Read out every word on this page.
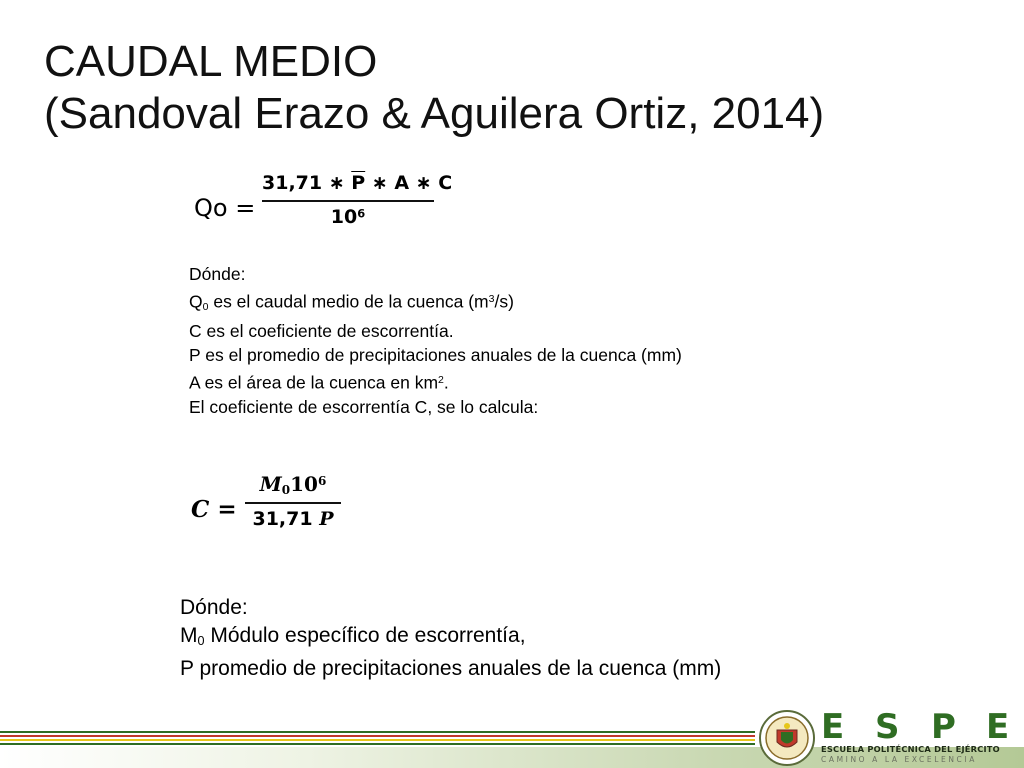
CAUDAL MEDIO
(Sandoval Erazo & Aguilera Ortiz, 2014)
Qo =
31,71 ∗ $\overline{P}$ ∗ A ∗ C
$10^6$
Dónde:
$Q_0$ es el caudal medio de la cuenca $(m^3/s)$
C es el coeficiente de escorrentía.
P es el promedio de precipitaciones anuales de la cuenca (mm)
A es el área de la cuenca en $km^2$.
El coeficiente de escorrentía C, se lo calcula:
C =
$M_010^6$
31,71 P
Dónde:
$M_0$ Módulo específico de escorrentía,
P promedio de precipitaciones anuales de la cuenca (mm)
E S P E
ESCUELA POLITÉCNICA DEL EJÉRCITO
CAMINO A LA EXCELENCIA
